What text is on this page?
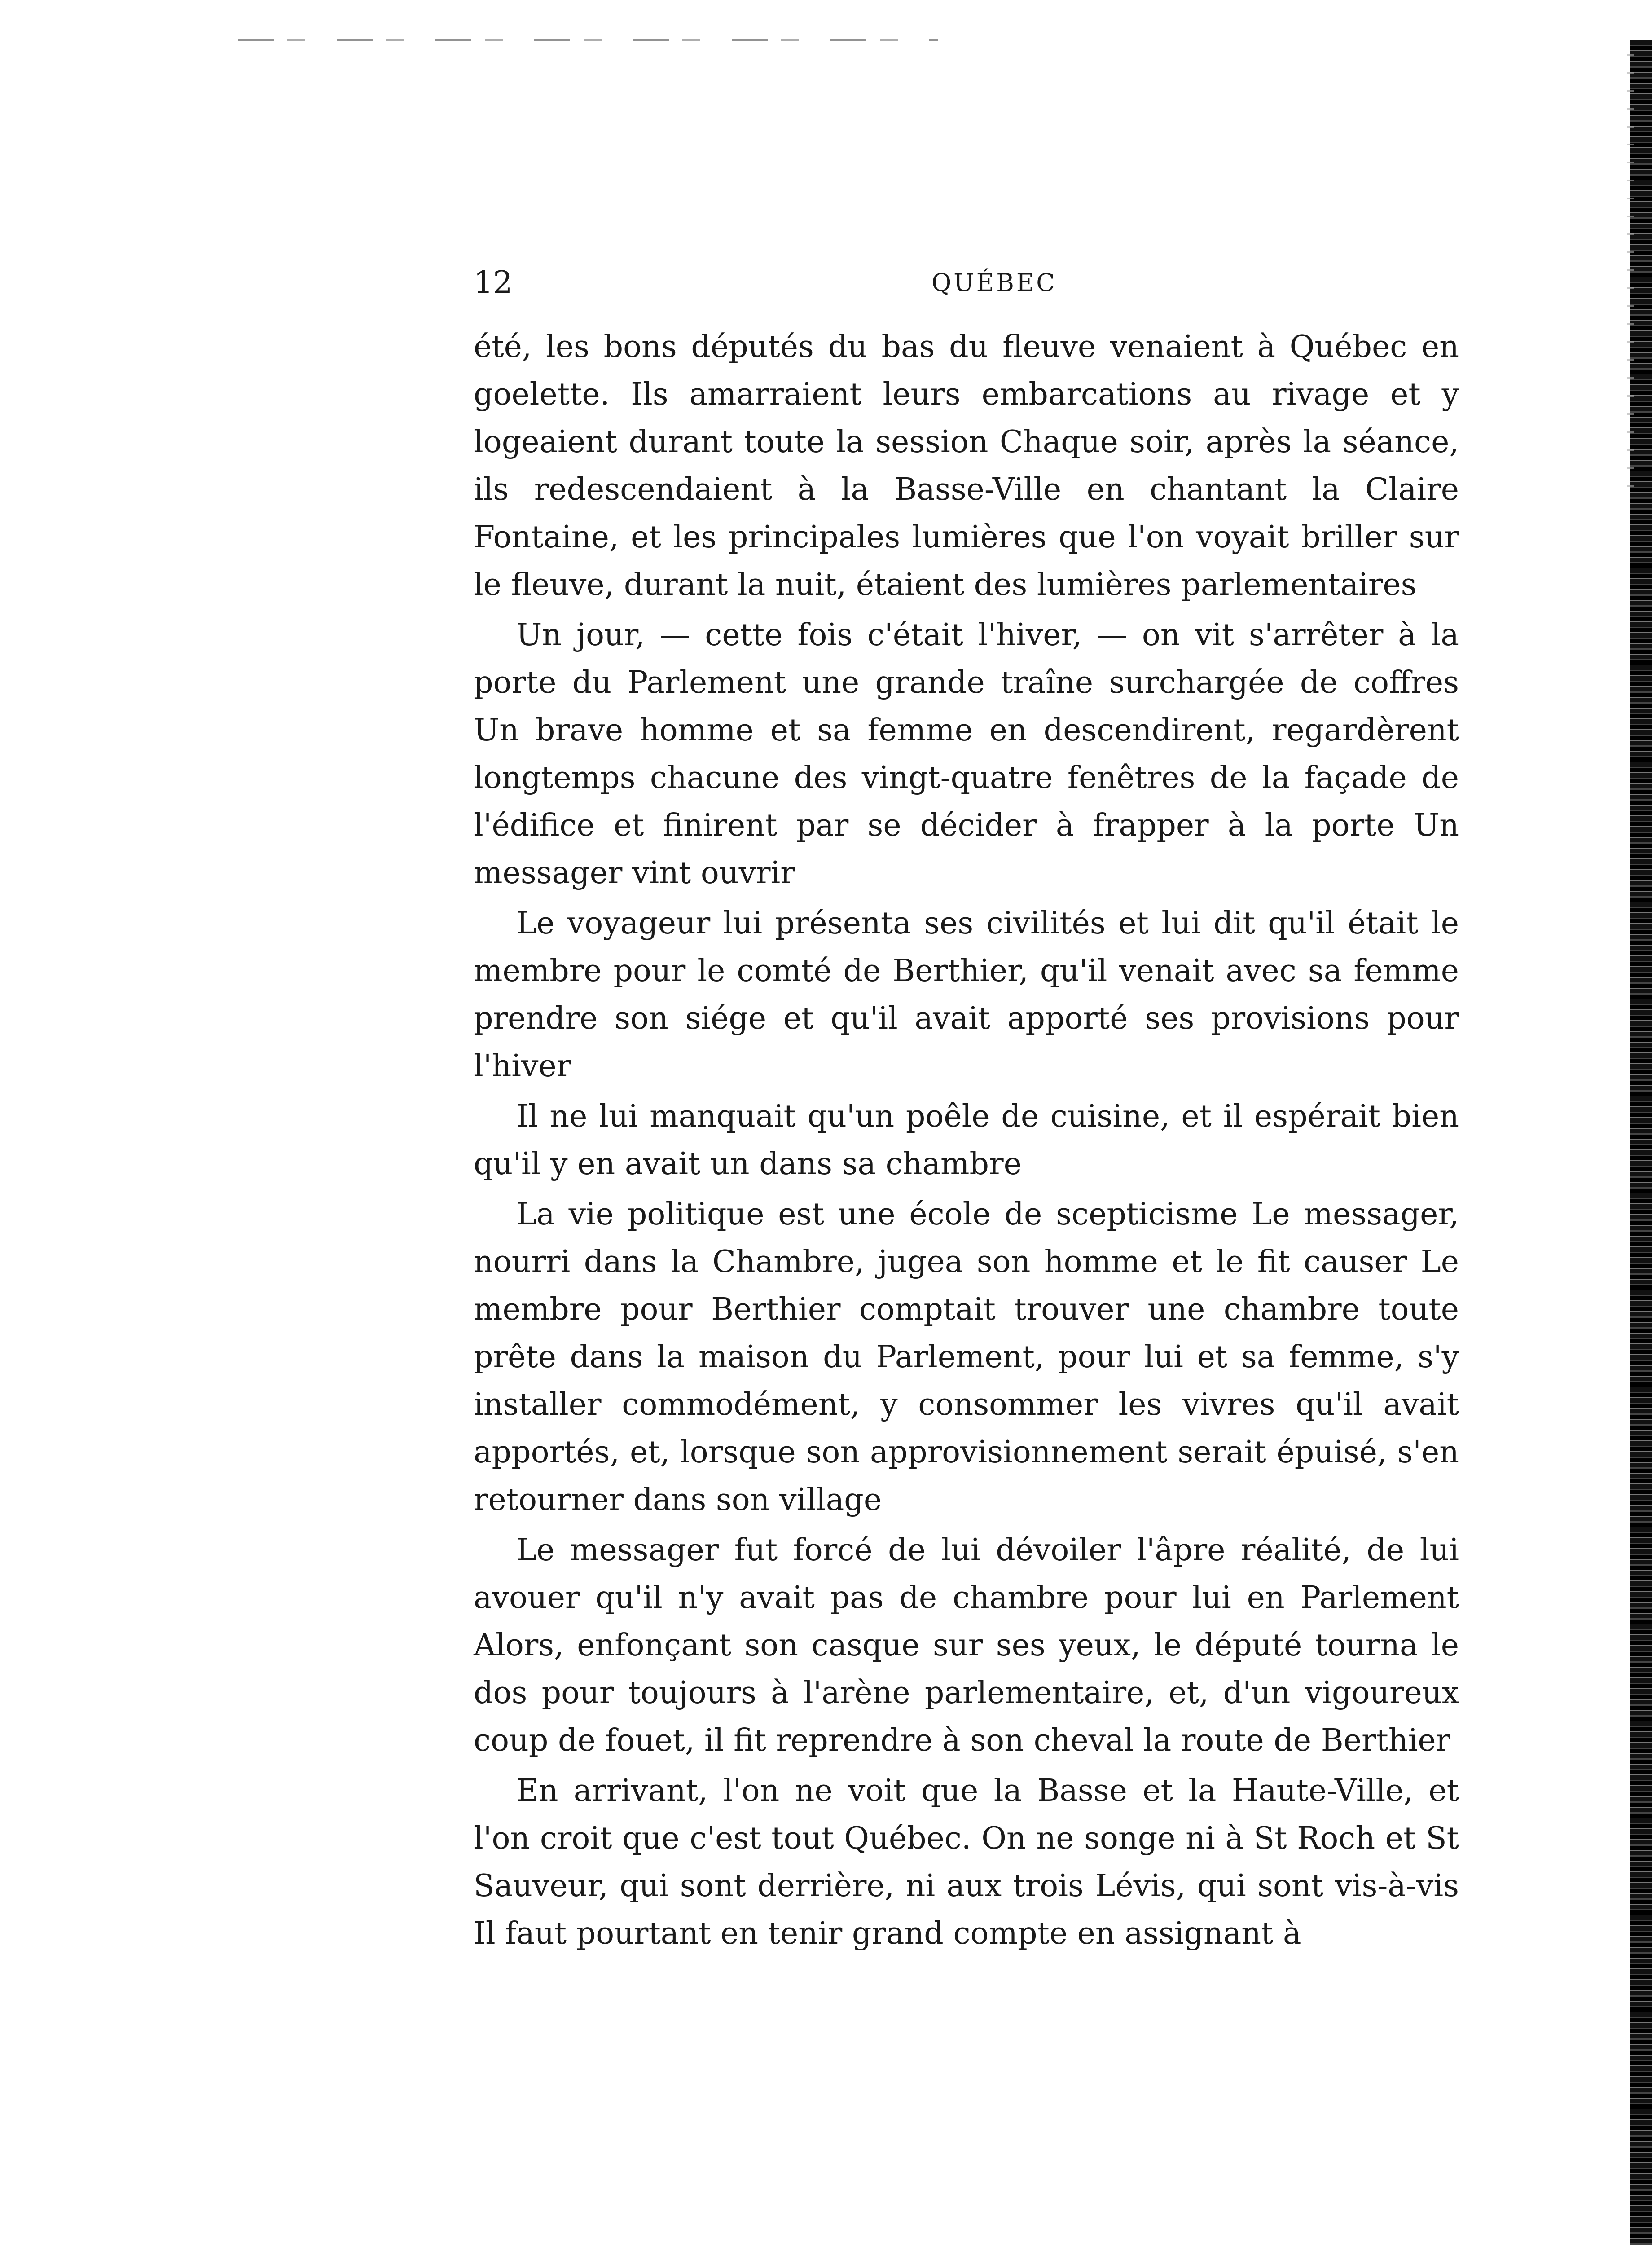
12	QUÉBEC

été, les bons députés du bas du fleuve venaient à Québec en goelette. Ils amarraient leurs embarcations au rivage et y logeaient durant toute la session Chaque soir, après la séance, ils redescendaient à la Basse-Ville en chantant la Claire Fontaine, et les principales lumières que l'on voyait briller sur le fleuve, durant la nuit, étaient des lumières parlementaires

Un jour, — cette fois c'était l'hiver, — on vit s'arrêter à la porte du Parlement une grande traîne surchargée de coffres Un brave homme et sa femme en descendirent, regardèrent longtemps chacune des vingt-quatre fenêtres de la façade de l'édifice et finirent par se décider à frapper à la porte Un messager vint ouvrir

Le voyageur lui présenta ses civilités et lui dit qu'il était le membre pour le comté de Berthier, qu'il venait avec sa femme prendre son siége et qu'il avait apporté ses provisions pour l'hiver

Il ne lui manquait qu'un poêle de cuisine, et il espérait bien qu'il y en avait un dans sa chambre

La vie politique est une école de scepticisme Le messager, nourri dans la Chambre, jugea son homme et le fit causer Le membre pour Berthier comptait trouver une chambre toute prête dans la maison du Parlement, pour lui et sa femme, s'y installer commodément, y consommer les vivres qu'il avait apportés, et, lorsque son approvisionnement serait épuisé, s'en retourner dans son village

Le messager fut forcé de lui dévoiler l'âpre réalité, de lui avouer qu'il n'y avait pas de chambre pour lui en Parlement Alors, enfonçant son casque sur ses yeux, le député tourna le dos pour toujours à l'arène parlementaire, et, d'un vigoureux coup de fouet, il fit reprendre à son cheval la route de Berthier

En arrivant, l'on ne voit que la Basse et la Haute-Ville, et l'on croit que c'est tout Québec. On ne songe ni à St Roch et St Sauveur, qui sont derrière, ni aux trois Lévis, qui sont vis-à-vis Il faut pourtant en tenir grand compte en assignant à
